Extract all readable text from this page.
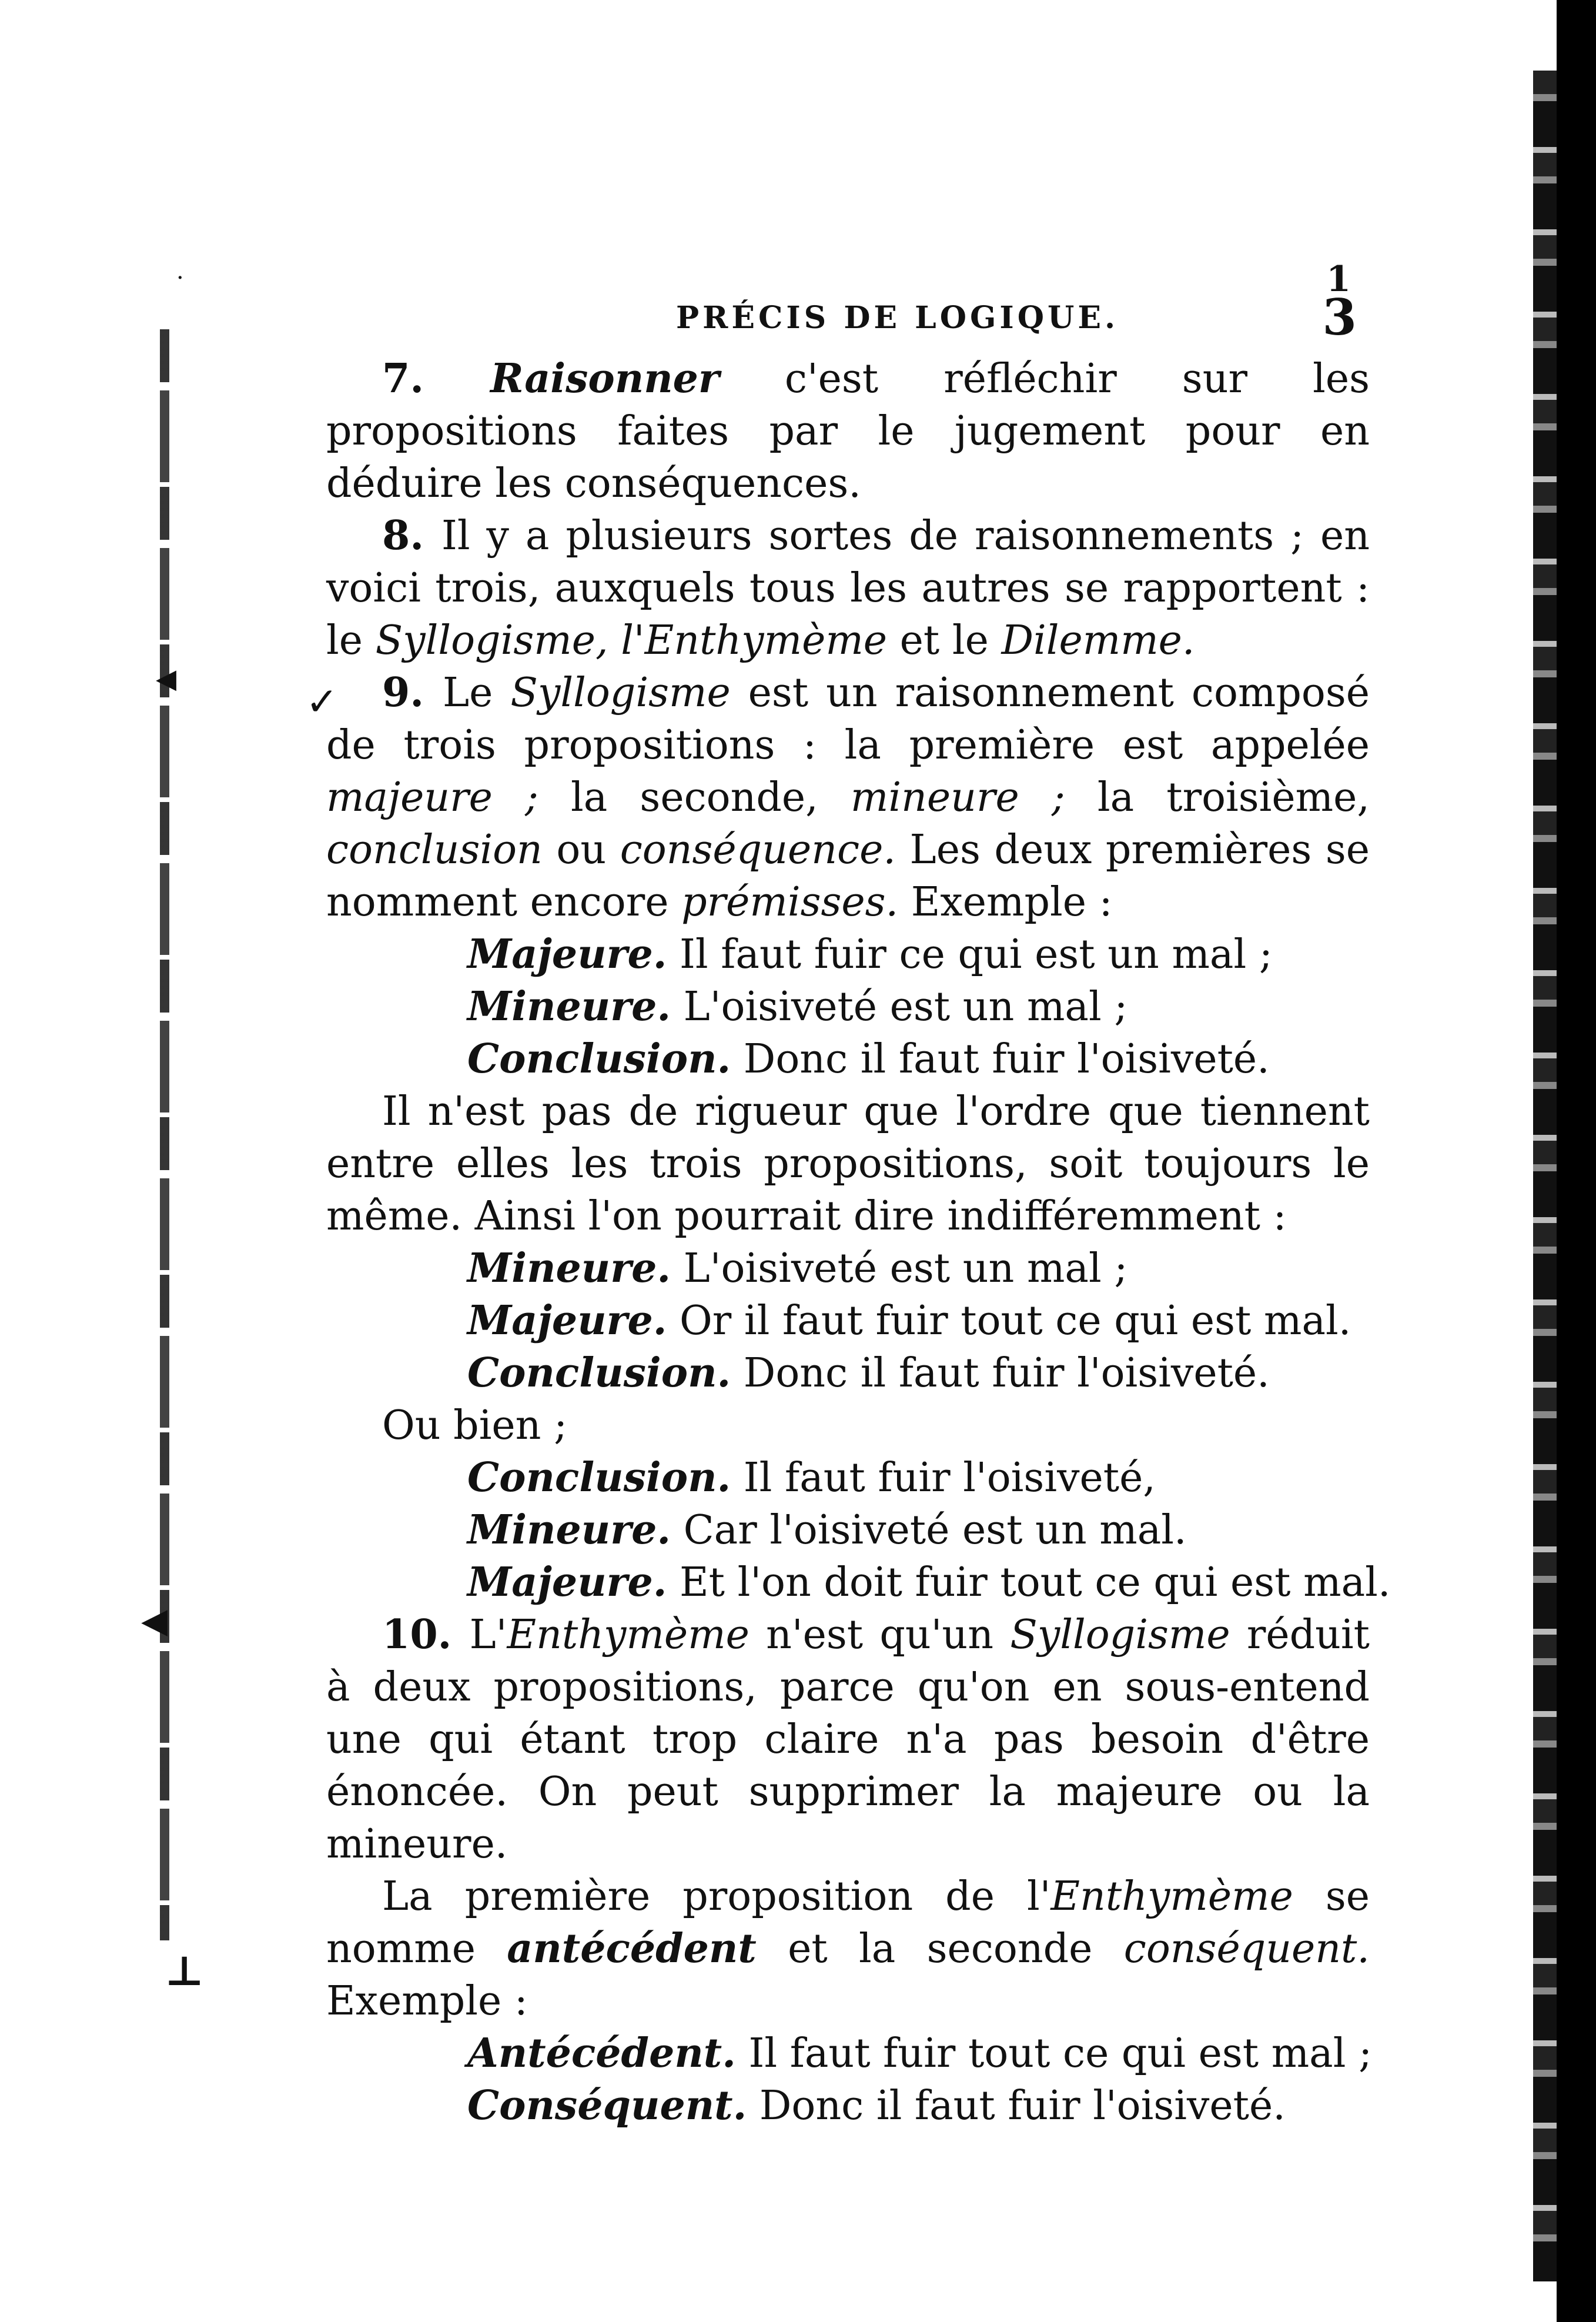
·
◂
◂
⊥
✓
1
PRÉCIS DE LOGIQUE.	3

7. Raisonner c'est réfléchir sur les propositions faites par le jugement pour en déduire les conséquences.

8. Il y a plusieurs sortes de raisonnements ; en voici trois, auxquels tous les autres se rapportent : le Syllogisme, l'Enthymème et le Dilemme.

9. Le Syllogisme est un raisonnement composé de trois propositions : la première est appelée majeure ; la seconde, mineure ; la troisième, conclusion ou conséquence. Les deux premières se nomment encore prémisses. Exemple :

Majeure. Il faut fuir ce qui est un mal ;

Mineure. L'oisiveté est un mal ;

Conclusion. Donc il faut fuir l'oisiveté.

Il n'est pas de rigueur que l'ordre que tiennent entre elles les trois propositions, soit toujours le même. Ainsi l'on pourrait dire indifféremment :

Mineure. L'oisiveté est un mal ;

Majeure. Or il faut fuir tout ce qui est mal.

Conclusion. Donc il faut fuir l'oisiveté.

Ou bien ;

Conclusion. Il faut fuir l'oisiveté,

Mineure. Car l'oisiveté est un mal.

Majeure. Et l'on doit fuir tout ce qui est mal.

10. L'Enthymème n'est qu'un Syllogisme réduit à deux propositions, parce qu'on en sous-entend une qui étant trop claire n'a pas besoin d'être énoncée. On peut supprimer la majeure ou la mineure.

La première proposition de l'Enthymème se nomme antécédent et la seconde conséquent. Exemple :

Antécédent. Il faut fuir tout ce qui est mal ;

Conséquent. Donc il faut fuir l'oisiveté.
